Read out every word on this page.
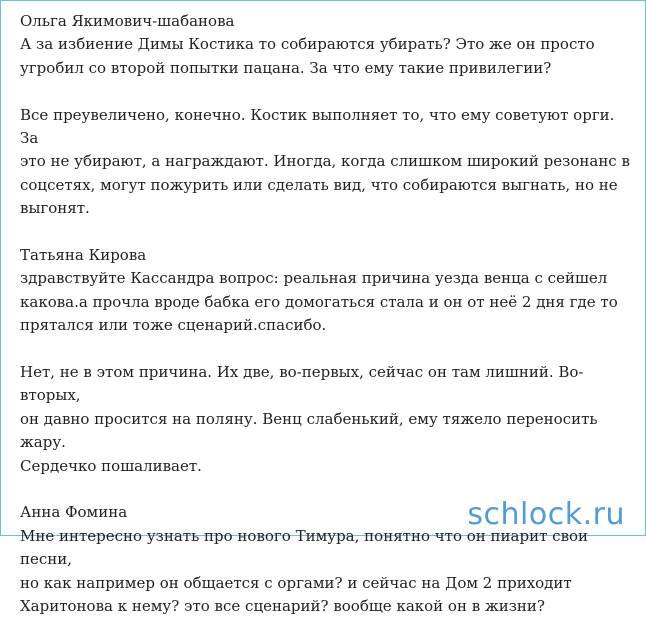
Ольга Якимович-шабанова

А за избиение Димы Костика то собираются убирать? Это же он просто

угробил со второй попытки пацана. За что ему такие привилегии?

Все преувеличено, конечно. Костик выполняет то, что ему советуют орги. За

это не убирают, а награждают. Иногда, когда слишком широкий резонанс в

соцсетях, могут пожурить или сделать вид, что собираются выгнать, но не

выгонят.

Татьяна Кирова

здравствуйте Кассандра вопрос: реальная причина уезда венца с сейшел

какова.а прочла вроде бабка его домогаться стала и он от неё 2 дня где то

прятался или тоже сценарий.спасибо.

Нет, не в этом причина. Их две, во-первых, сейчас он там лишний. Во-вторых,

он давно просится на поляну. Венц слабенький, ему тяжело переносить жару.

Сердечко пошаливает.

Анна Фомина

Мне интересно узнать про нового Тимура, понятно что он пиарит свои песни,

но как например он общается с оргами? и сейчас на Дом 2 приходит

Харитонова к нему? это все сценарий? вообще какой он в жизни?

schlock.ru
